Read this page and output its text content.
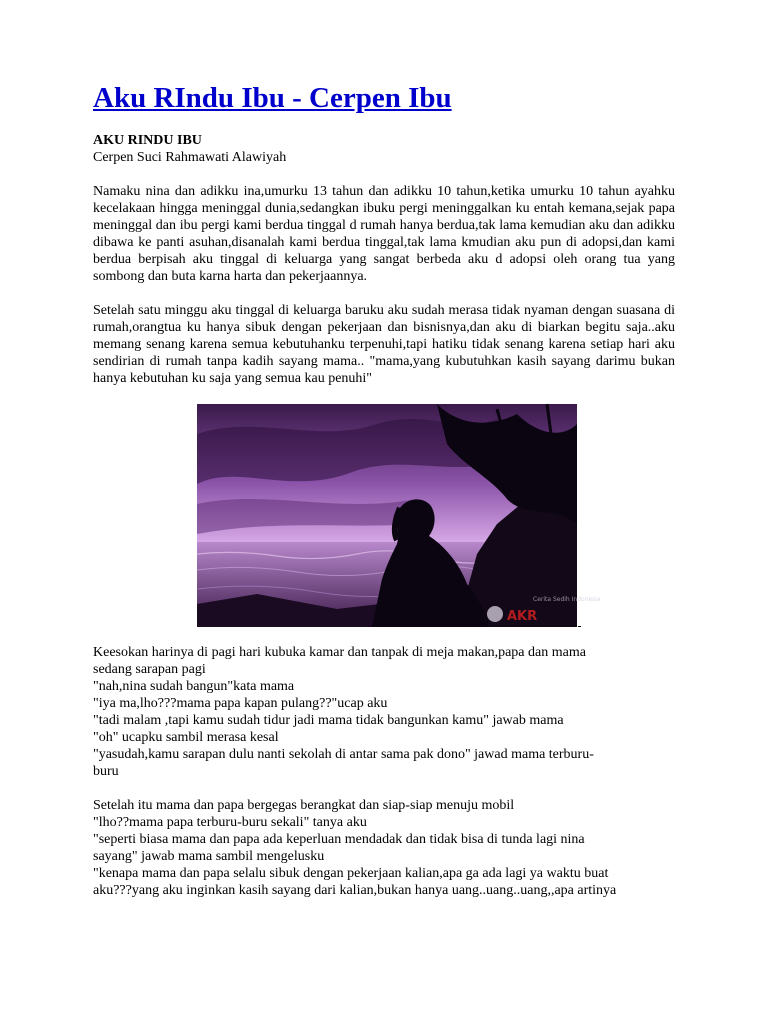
Aku RIndu Ibu - Cerpen Ibu

AKU RINDU IBU

Cerpen Suci Rahmawati Alawiyah

Namaku nina dan adikku ina,umurku 13 tahun dan adikku 10 tahun,ketika umurku 10 tahun ayahku kecelakaan hingga meninggal dunia,sedangkan ibuku pergi meninggalkan ku entah kemana,sejak papa meninggal dan ibu pergi kami berdua tinggal d rumah hanya berdua,tak lama kemudian aku dan adikku dibawa ke panti asuhan,disanalah kami berdua tinggal,tak lama kmudian aku pun di adopsi,dan kami berdua berpisah aku tinggal di keluarga yang sangat berbeda aku d adopsi oleh orang tua yang sombong dan buta karna harta dan pekerjaannya.

Setelah satu minggu aku tinggal di keluarga baruku aku sudah merasa tidak nyaman dengan suasana di rumah,orangtua ku hanya sibuk dengan pekerjaan dan bisnisnya,dan aku di biarkan begitu saja..aku memang senang karena semua kebutuhanku terpenuhi,tapi hatiku tidak senang karena setiap hari aku sendirian di rumah tanpa kadih sayang mama.. "mama,yang kubutuhkan kasih sayang darimu bukan hanya kebutuhan ku saja yang semua kau penuhi"

Cerita Sedih Indonesia
AKR

Keesokan harinya di pagi hari kubuka kamar dan tanpak di meja makan,papa dan mama

sedang sarapan pagi

"nah,nina sudah bangun"kata mama

"iya ma,lho???mama papa kapan pulang??"ucap aku

"tadi malam ,tapi kamu sudah tidur jadi mama tidak bangunkan kamu" jawab mama

"oh" ucapku sambil merasa kesal

"yasudah,kamu sarapan dulu nanti sekolah di antar sama pak dono" jawad mama terburu-

buru

Setelah itu mama dan papa bergegas berangkat dan siap-siap menuju mobil

"lho??mama papa terburu-buru sekali" tanya aku

"seperti biasa mama dan papa ada keperluan mendadak dan tidak bisa di tunda lagi nina

sayang" jawab mama sambil mengelusku

"kenapa mama dan papa selalu sibuk dengan pekerjaan kalian,apa ga ada lagi ya waktu buat

aku???yang aku inginkan kasih sayang dari kalian,bukan hanya uang..uang..uang,,apa artinya
